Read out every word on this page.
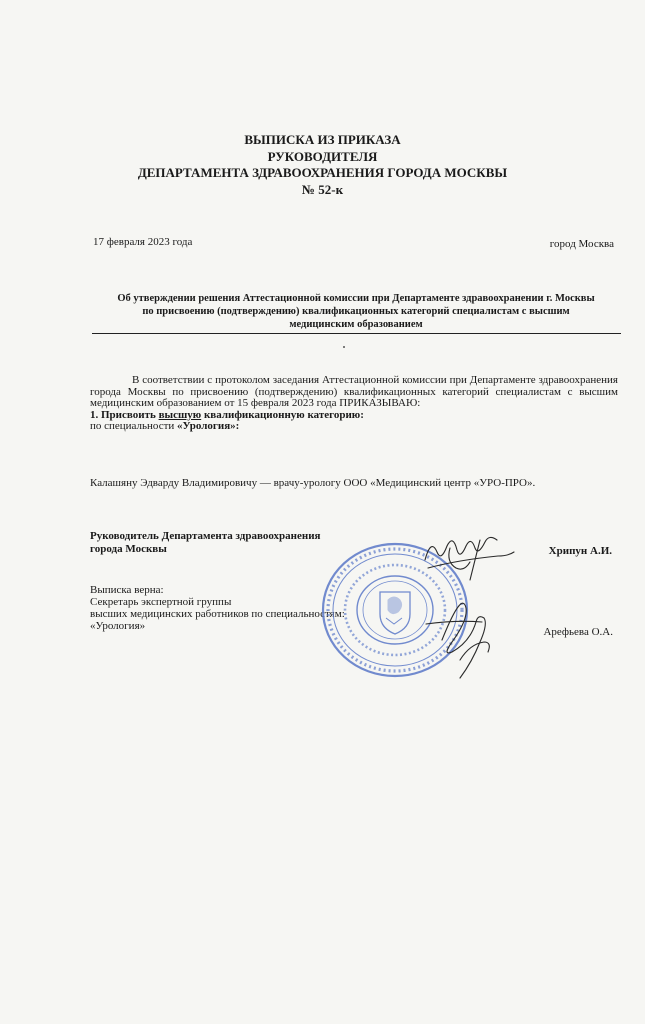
ВЫПИСКА ИЗ ПРИКАЗА
РУКОВОДИТЕЛЯ
ДЕПАРТАМЕНТА ЗДРАВООХРАНЕНИЯ ГОРОДА МОСКВЫ
№ 52-к
17 февраля 2023 года	город Москва
Об утверждении решения Аттестационной комиссии при Департаменте здравоохранении г. Москвы
по присвоению (подтверждению) квалификационных категорий специалистам с высшим
медицинским образованием

В соответствии с протоколом заседания Аттестационной комиссии при Департаменте здравоохранения города Москвы по присвоению (подтверждению) квалификационных категорий специалистам с высшим медицинским образованием от 15 февраля 2023 года ПРИКАЗЫВАЮ:

1. Присвоить высшую квалификационную категорию:

по специальности «Урология»:

Калашяну Эдварду Владимировичу — врачу-урологу ООО «Медицинский центр «УРО-ПРО».
Руководитель Департамента здравоохранения
города Москвы	Хрипун А.И.
Выписка верна:
Секретарь экспертной группы
высших медицинских работников по специальностям:
«Урология»	Арефьева О.А.
